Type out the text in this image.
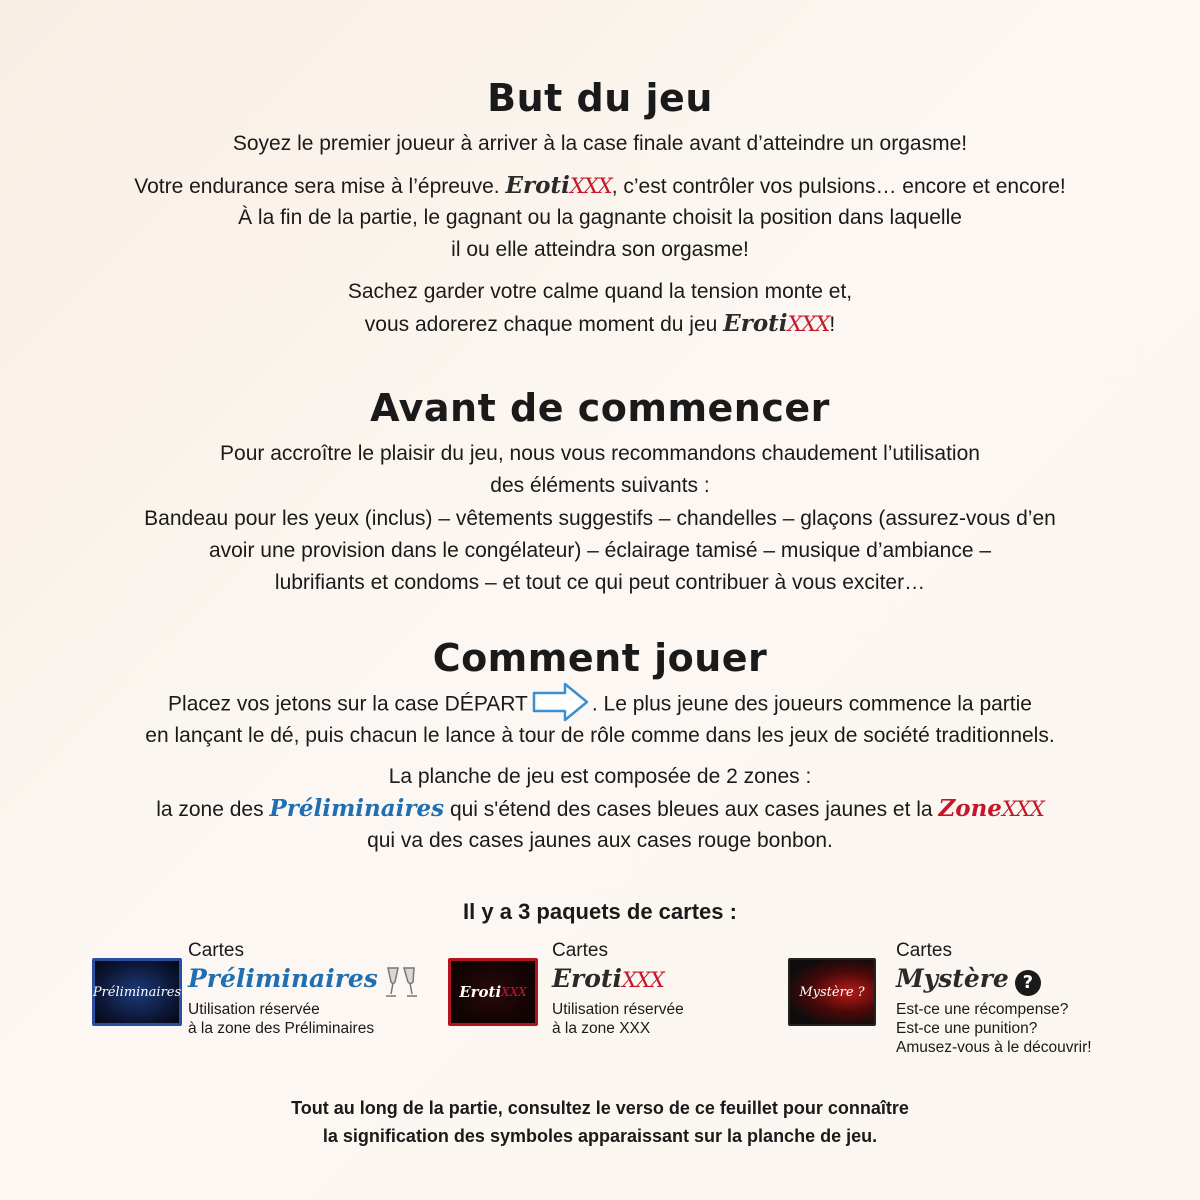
But du jeu

Soyez le premier joueur à arriver à la case finale avant d’atteindre un orgasme!

Votre endurance sera mise à l’épreuve. ErotiXXX, c’est contrôler vos pulsions… encore et encore!

À la fin de la partie, le gagnant ou la gagnante choisit la position dans laquelle

il ou elle atteindra son orgasme!

Sachez garder votre calme quand la tension monte et,

vous adorerez chaque moment du jeu ErotiXXX!

Avant de commencer

Pour accroître le plaisir du jeu, nous vous recommandons chaudement l’utilisation

des éléments suivants :

Bandeau pour les yeux (inclus) – vêtements suggestifs – chandelles – glaçons (assurez-vous d’en

avoir une provision dans le congélateur) – éclairage tamisé – musique d’ambiance –

lubrifiants et condoms – et tout ce qui peut contribuer à vous exciter…

Comment jouer

Placez vos jetons sur la case DÉPART	. Le plus jeune des joueurs commence la partie

en lançant le dé, puis chacun le lance à tour de rôle comme dans les jeux de société traditionnels.

La planche de jeu est composée de 2 zones :

la zone des Préliminaires qui s'étend des cases bleues aux cases jaunes et la ZoneXXX

qui va des cases jaunes aux cases rouge bonbon.

Il y a 3 paquets de cartes :

Préliminaires

Cartes

Préliminaires

Utilisation réservée

à la zone des Préliminaires

Eroti XXX

Cartes

ErotiXXX

Utilisation réservée

à la zone XXX

Mystère ?

Cartes

Mystère ?

Est-ce une récompense?

Est-ce une punition?

Amusez-vous à le découvrir!

Tout au long de la partie, consultez le verso de ce feuillet pour connaître

la signification des symboles apparaissant sur la planche de jeu.
